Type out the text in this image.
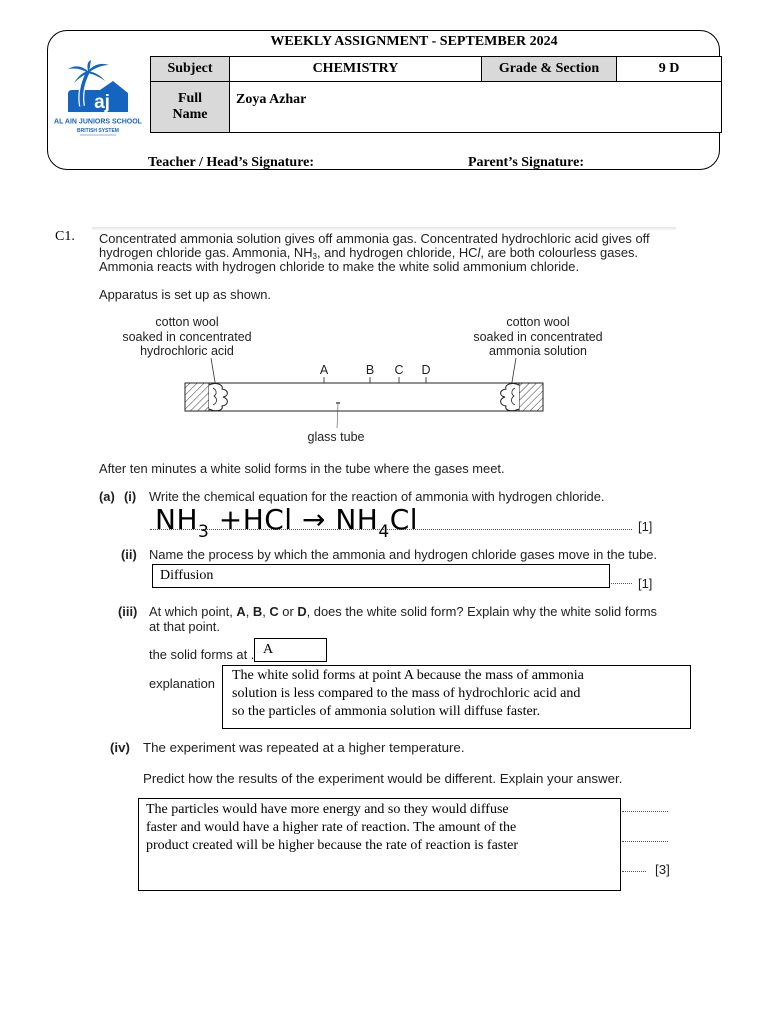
WEEKLY ASSIGNMENT - SEPTEMBER 2024
aj
AL AIN JUNIORS SCHOOL
BRITISH SYSTEM
Subject	CHEMISTRY	Grade & Section	9 D
Full
Name
Zoya Azhar
Teacher / Head’s Signature:	Parent’s Signature:
C1. Concentrated ammonia solution gives off ammonia gas. Concentrated hydrochloric acid gives off
hydrogen chloride gas. Ammonia, $NH_3$, and hydrogen chloride, HCl, are both colourless gases.
Ammonia reacts with hydrogen chloride to make the white solid ammonium chloride.
Apparatus is set up as shown.
cotton wool
soaked in concentrated
hydrochloric acid
cotton wool
soaked in concentrated
ammonia solution
A	B C D
glass tube
After ten minutes a white solid forms in the tube where the gases meet.
(a) (i) Write the chemical equation for the reaction of ammonia with hydrogen chloride.
$NH_3 +HCl \to NH_4Cl$	[1]
(ii) Name the process by which the ammonia and hydrogen chloride gases move in the tube.
Diffusion
[1]
(iii) At which point, A, B, C or D, does the white solid form? Explain why the white solid forms
at that point.
the solid forms at . A
explanation
The white solid forms at point A because the mass of ammonia
solution is less compared to the mass of hydrochloric acid and
so the particles of ammonia solution will diffuse faster.
(iv) The experiment was repeated at a higher temperature.
Predict how the results of the experiment would be different. Explain your answer.
The particles would have more energy and so they would diffuse
faster and would have a higher rate of reaction. The amount of the
product created will be higher because the rate of reaction is faster
[3]
